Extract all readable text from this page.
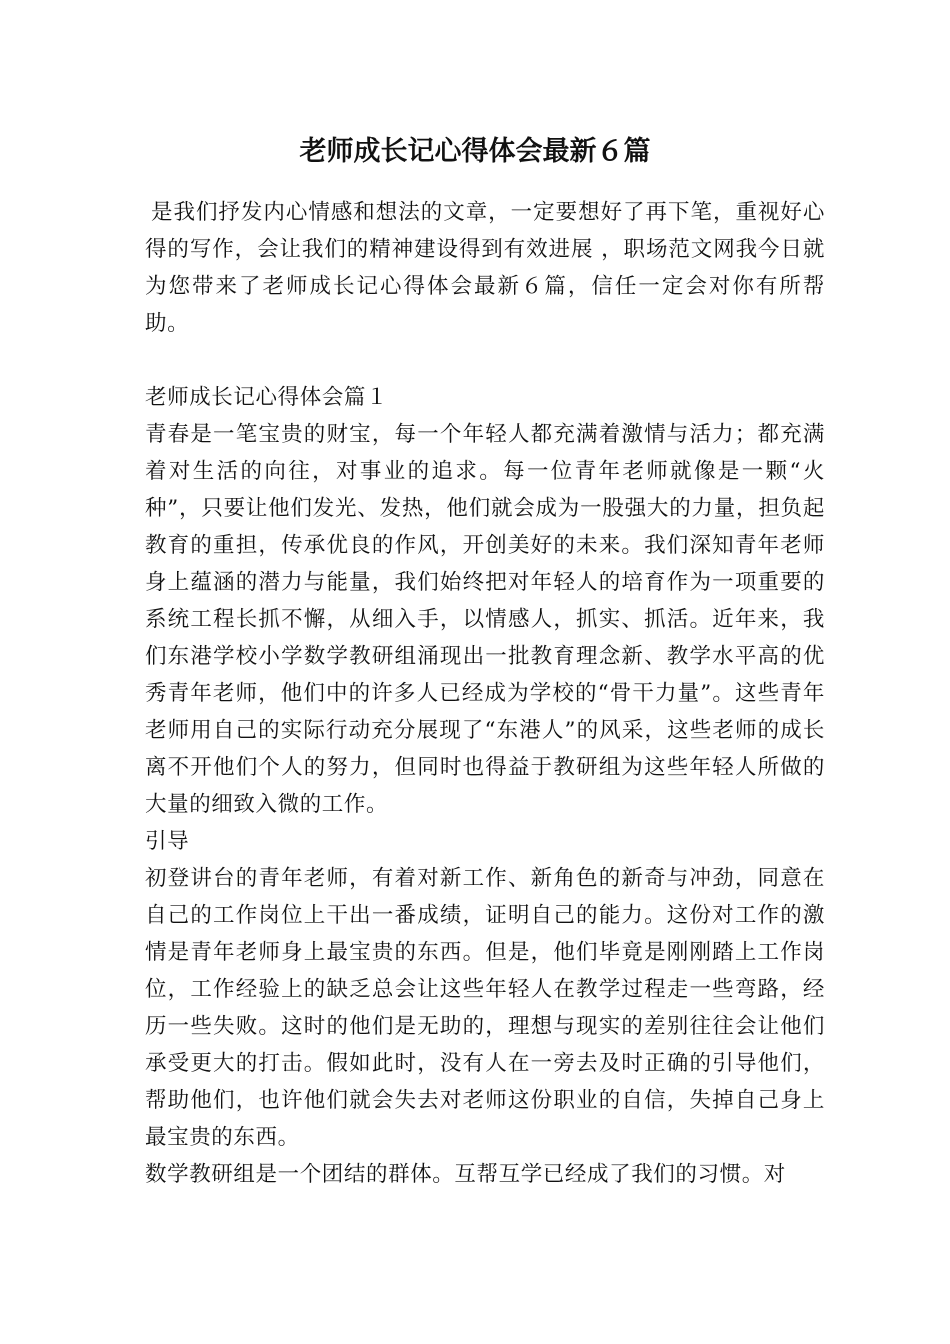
老师成长记心得体会最新６篇

是我们抒发内心情感和想法的文章，一定要想好了再下笔，重视好心得的写作，会让我们的精神建设得到有效进展 ，职场范文网我今日就为您带来了老师成长记心得体会最新６篇，信任一定会对你有所帮助。

老师成长记心得体会篇１

青春是一笔宝贵的财宝，每一个年轻人都充满着激情与活力；都充满着对生活的向往，对事业的追求。每一位青年老师就像是一颗“火种”，只要让他们发光、发热，他们就会成为一股强大的力量，担负起教育的重担，传承优良的作风，开创美好的未来。我们深知青年老师身上蕴涵的潜力与能量，我们始终把对年轻人的培育作为一项重要的系统工程长抓不懈，从细入手，以情感人，抓实、抓活。近年来，我们东港学校小学数学教研组涌现出一批教育理念新、教学水平高的优秀青年老师，他们中的许多人已经成为学校的“骨干力量”。这些青年老师用自己的实际行动充分展现了“东港人”的风采，这些老师的成长离不开他们个人的努力，但同时也得益于教研组为这些年轻人所做的大量的细致入微的工作。

引导

初登讲台的青年老师，有着对新工作、新角色的新奇与冲劲，同意在自己的工作岗位上干出一番成绩，证明自己的能力。这份对工作的激情是青年老师身上最宝贵的东西。但是，他们毕竟是刚刚踏上工作岗位，工作经验上的缺乏总会让这些年轻人在教学过程走一些弯路，经历一些失败。这时的他们是无助的，理想与现实的差别往往会让他们承受更大的打击。假如此时，没有人在一旁去及时正确的引导他们，帮助他们，也许他们就会失去对老师这份职业的自信，失掉自己身上最宝贵的东西。

数学教研组是一个团结的群体。互帮互学已经成了我们的习惯。对
